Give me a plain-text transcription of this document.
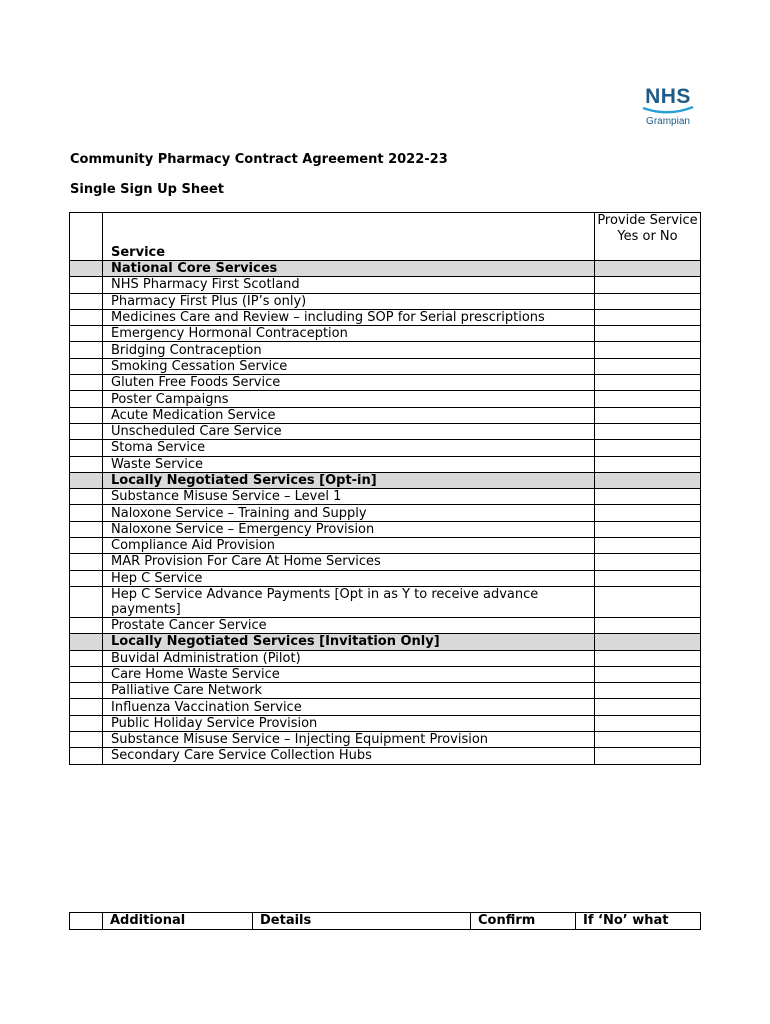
NHS
Grampian
Community Pharmacy Contract Agreement 2022-23
Single Sign Up Sheet
	Service	Provide Service Yes or No
	National Core Services	
	NHS Pharmacy First Scotland	
	Pharmacy First Plus (IP’s only)	
	Medicines Care and Review – including SOP for Serial prescriptions	
	Emergency Hormonal Contraception	
	Bridging Contraception	
	Smoking Cessation Service	
	Gluten Free Foods Service	
	Poster Campaigns	
	Acute Medication Service	
	Unscheduled Care Service	
	Stoma Service	
	Waste Service	
	Locally Negotiated Services [Opt-in]	
	Substance Misuse Service – Level 1	
	Naloxone Service – Training and Supply	
	Naloxone Service – Emergency Provision	
	Compliance Aid Provision	
	MAR Provision For Care At Home Services	
	Hep C Service	
	Hep C Service Advance Payments [Opt in as Y to receive advance payments]	
	Prostate Cancer Service	
	Locally Negotiated Services [Invitation Only]	
	Buvidal Administration (Pilot)	
	Care Home Waste Service	
	Palliative Care Network	
	Influenza Vaccination Service	
	Public Holiday Service Provision	
	Substance Misuse Service – Injecting Equipment Provision	
	Secondary Care Service Collection Hubs	
	Additional	Details	Confirm	If ‘No’ what
